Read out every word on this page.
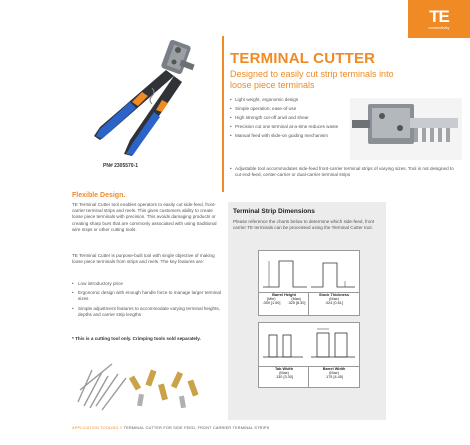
TE
connectivity
PN# 2305570-1
TERMINAL CUTTER
Designed to easily cut strip terminals into loose piece terminals
• Light weight, ergonomic design
• Simple operation; ease-of-use
• High strength cut-off anvil and shear
• Precision cut one terminal at-a-time reduces waste
• Manual feed with slide-on guiding mechanism
• Adjustable tool accommodates side-feed front-carrier terminal strips of varying sizes. Tool is not designed to cut end-feed, center-carrier or dual-carrier terminal strips
Flexible Design.

TE Terminal Cutter tool enables operators to easily cut side-feed, front-carrier terminal strips and reels. This gives customers ability to create loose piece terminals with precision. This avoids damaging products or creating sharp burs that are commonly associated with using traditional wire snips or other cutting tools.

TE Terminal Cutter is purpose-built tool with single objective of making loose piece terminals from strips and reels. The key features are:

• Low introductory price
• Ergonomic design with enough handle force to manage larger terminal sizes
• Simple adjustment features to accommodate varying terminal heights, depths and carrier strip lengths
* This is a cutting tool only. Crimping tools sold separately.
Terminal Strip Dimensions

Please reference the charts below to determine which side-feed, front carrier TE terminals can be processed using the Terminal Cutter tool.

Barrel Height
(Min)	(Max)
.059 [1.50] .325 [8.30]
Stock Thickness
(Max)
.024 [0.61]
Tab Width
(Max)
.130 [3.30]
Barrel Width
(Max)
.175 [4.45]
APPLICATION TOOLING // TERMINAL CUTTER FOR SIDE FEED, FRONT CARRIER TERMINAL STRIPS
